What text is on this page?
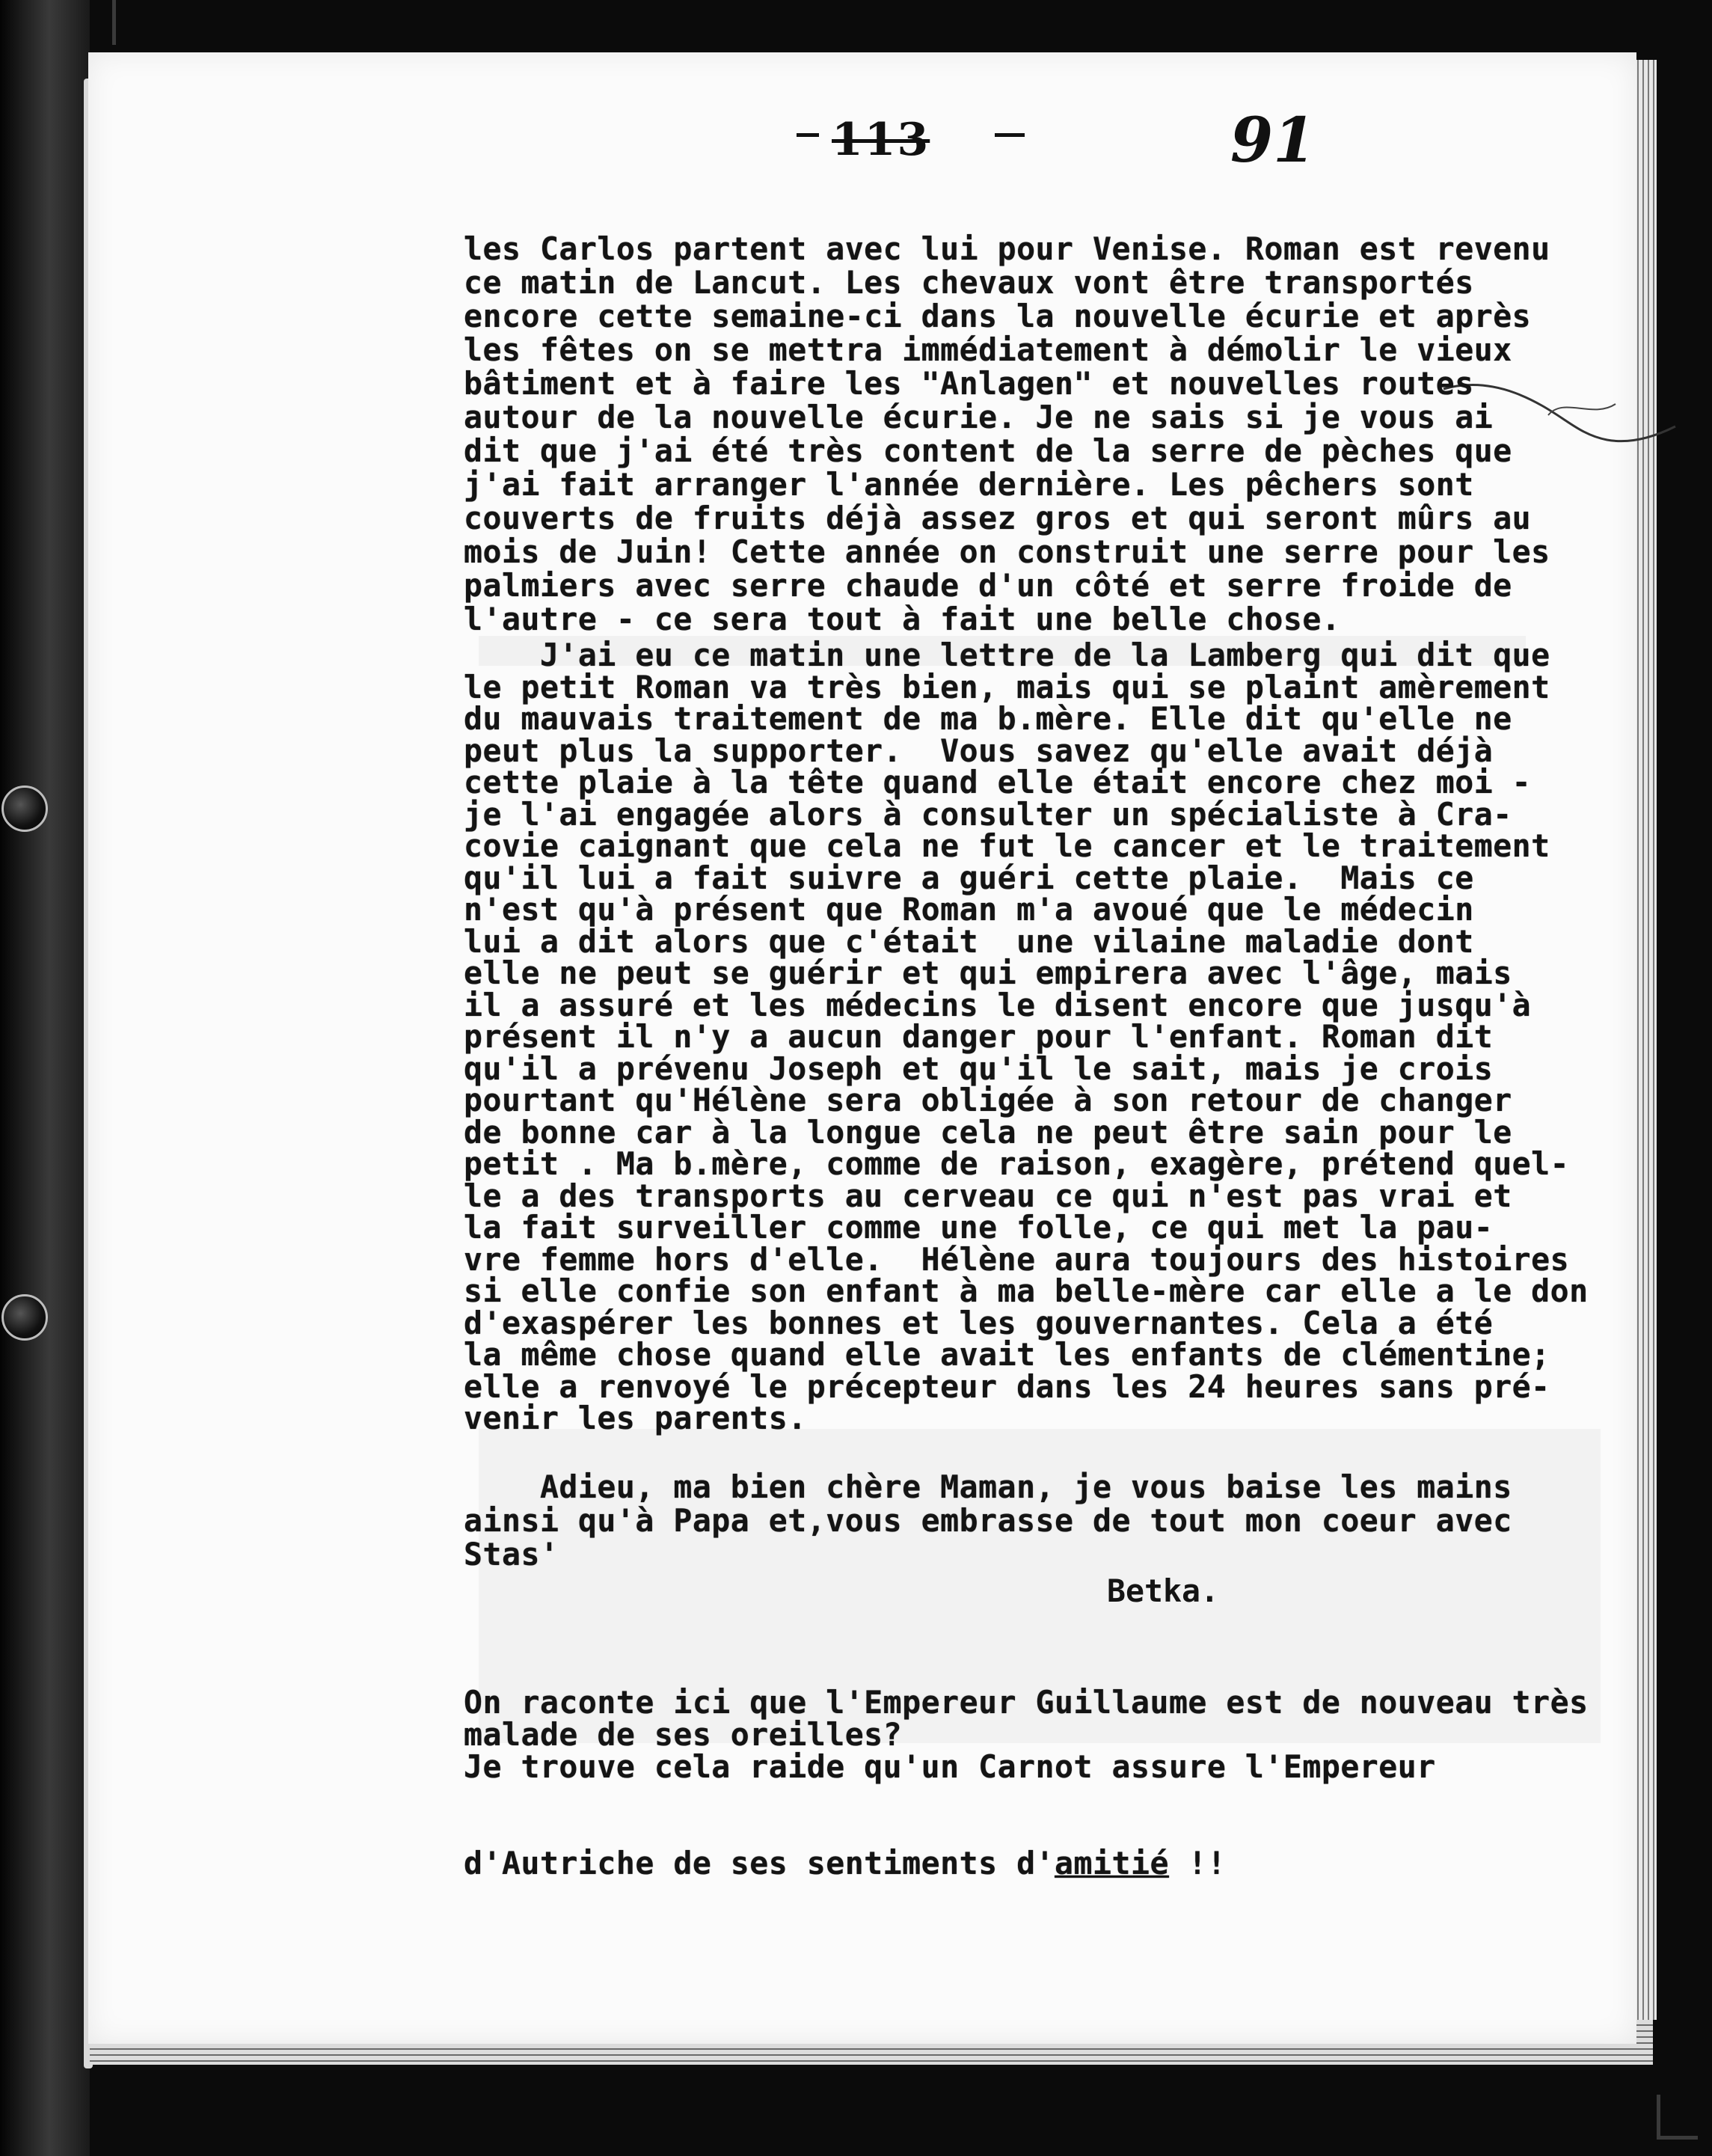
113	91
les Carlos partent avec lui pour Venise. Roman est revenu
ce matin de Lancut. Les chevaux vont être transportés
encore cette semaine-ci dans la nouvelle écurie et après
les fêtes on se mettra immédiatement à démolir le vieux
bâtiment et à faire les "Anlagen" et nouvelles routes
autour de la nouvelle écurie. Je ne sais si je vous ai
dit que j'ai été très content de la serre de pèches que
j'ai fait arranger l'année dernière. Les pêchers sont
couverts de fruits déjà assez gros et qui seront mûrs au
mois de Juin! Cette année on construit une serre pour les
palmiers avec serre chaude d'un côté et serre froide de
l'autre - ce sera tout à fait une belle chose.
J'ai eu ce matin une lettre de la Lamberg qui dit que
le petit Roman va très bien, mais qui se plaint amèrement
du mauvais traitement de ma b.mère. Elle dit qu'elle ne
peut plus la supporter.  Vous savez qu'elle avait déjà
cette plaie à la tête quand elle était encore chez moi -
je l'ai engagée alors à consulter un spécialiste à Cra-
covie caignant que cela ne fut le cancer et le traitement
qu'il lui a fait suivre a guéri cette plaie.  Mais ce
n'est qu'à présent que Roman m'a avoué que le médecin
lui a dit alors que c'était  une vilaine maladie dont
elle ne peut se guérir et qui empirera avec l'âge, mais
il a assuré et les médecins le disent encore que jusqu'à
présent il n'y a aucun danger pour l'enfant. Roman dit
qu'il a prévenu Joseph et qu'il le sait, mais je crois
pourtant qu'Hélène sera obligée à son retour de changer
de bonne car à la longue cela ne peut être sain pour le
petit . Ma b.mère, comme de raison, exagère, prétend quel-
le a des transports au cerveau ce qui n'est pas vrai et
la fait surveiller comme une folle, ce qui met la pau-
vre femme hors d'elle.  Hélène aura toujours des histoires
si elle confie son enfant à ma belle-mère car elle a le don
d'exaspérer les bonnes et les gouvernantes. Cela a été
la même chose quand elle avait les enfants de clémentine;
elle a renvoyé le précepteur dans les 24 heures sans pré-
venir les parents.
Adieu, ma bien chère Maman, je vous baise les mains
ainsi qu'à Papa et,vous embrasse de tout mon coeur avec
Stas'
Betka.

On raconte ici que l'Empereur Guillaume est de nouveau très
malade de ses oreilles?
Je trouve cela raide qu'un Carnot assure l'Empereur

d'Autriche de ses sentiments d'amitié !!
